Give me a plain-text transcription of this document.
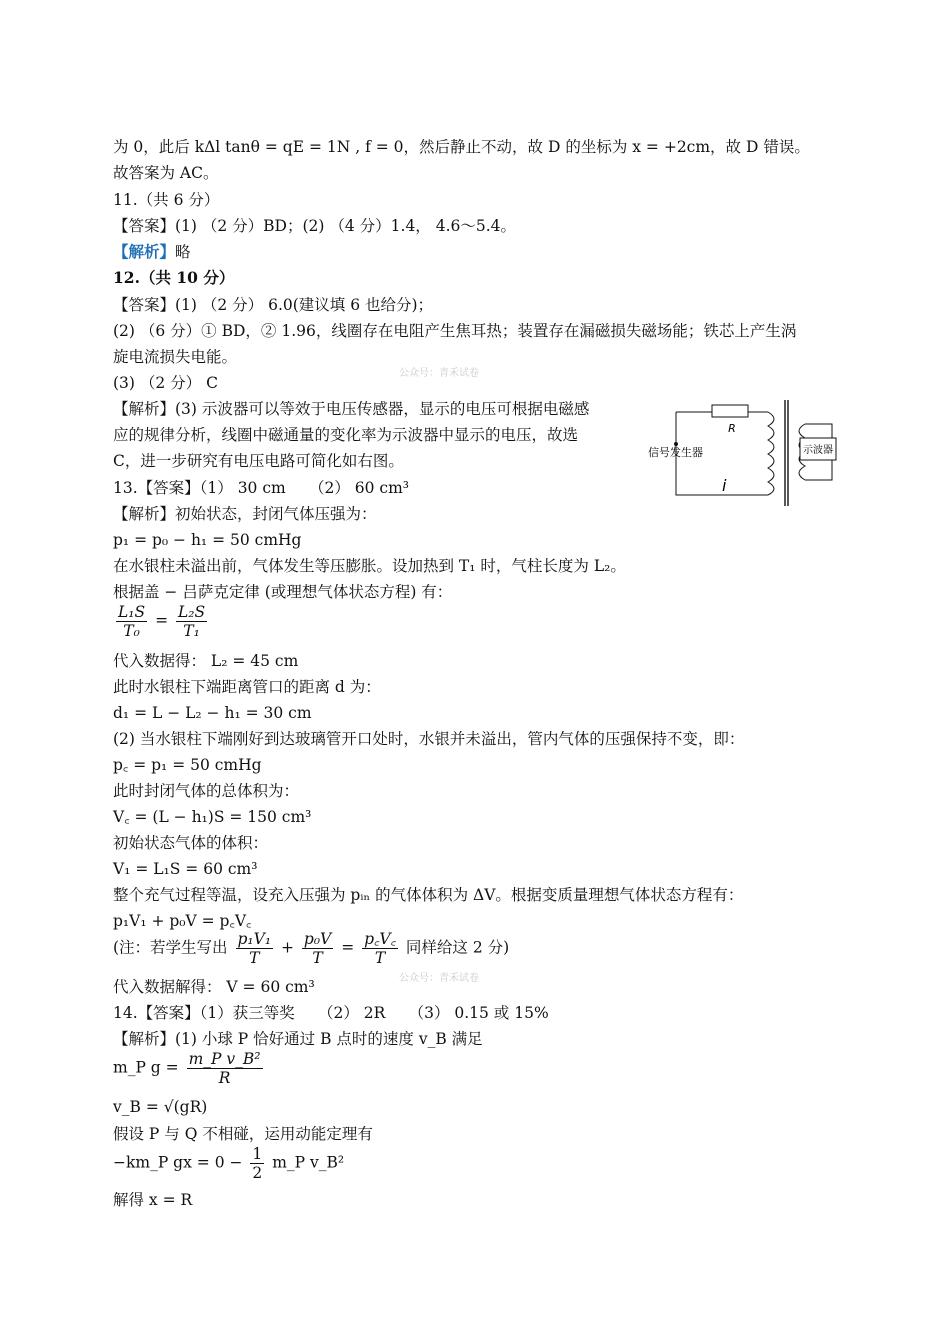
为 0，此后 kΔl tanθ = qE = 1N , f = 0，然后静止不动，故 D 的坐标为 x = +2cm，故 D 错误。
故答案为 AC。
11.（共 6 分）
【答案】(1) （2 分）BD；(2) （4 分）1.4， 4.6～5.4。
【解析】略
12.（共 10 分）
【答案】(1) （2 分） 6.0(建议填 6 也给分)；
(2) （6 分）① BD，② 1.96，线圈存在电阻产生焦耳热；装置存在漏磁损失磁场能；铁芯上产生涡
旋电流损失电能。
(3) （2 分） C
公众号：青禾试卷
【解析】(3) 示波器可以等效于电压传感器，显示的电压可根据电磁感
应的规律分析，线圈中磁通量的变化率为示波器中显示的电压，故选
C，进一步研究有电压电路可简化如右图。
示波器
R
信号发生器
i
13.【答案】（1） 30 cm　　（2） 60 cm³
【解析】初始状态，封闭气体压强为：
p₁ = p₀ − h₁ = 50 cmHg
在水银柱未溢出前，气体发生等压膨胀。设加热到 T₁ 时，气柱长度为 L₂。
根据盖 − 吕萨克定律 (或理想气体状态方程) 有：
$\frac{\text{L₁S}}{\text{T₀}} = \frac{\text{L₂S}}{\text{T₁}}$
代入数据得： L₂ = 45 cm
此时水银柱下端距离管口的距离 d 为：
d₁ = L − L₂ − h₁ = 30 cm
(2) 当水银柱下端刚好到达玻璃管开口处时，水银并未溢出，管内气体的压强保持不变，即：
p꜀ = p₁ = 50 cmHg
此时封闭气体的总体积为：
V꜀ = (L − h₁)S = 150 cm³
初始状态气体的体积：
V₁ = L₁S = 60 cm³
整个充气过程等温，设充入压强为 pᵢₙ 的气体体积为 ΔV。根据变质量理想气体状态方程有：
p₁V₁ + p₀V = p꜀V꜀
(注：若学生写出 $\frac{\text{p₁V₁}}{T} + \frac{\text{p₀V}}{T} = \frac{p꜀V꜀}{T}$ 同样给这 2 分)
公众号：青禾试卷
代入数据解得： V = 60 cm³
14.【答案】（1）获三等奖　　（2） 2R　　（3） 0.15 或 15%
【解析】(1) 小球 P 恰好通过 B 点时的速度 v_B 满足
m_P $g = \frac{\text{m\_P v\_B²}}{R}$
v_B = √(gR)
假设 P 与 Q 不相碰，运用动能定理有
−km_P gx = $0 - \frac{1}{2}$ m_P v_B²
解得 x = R
